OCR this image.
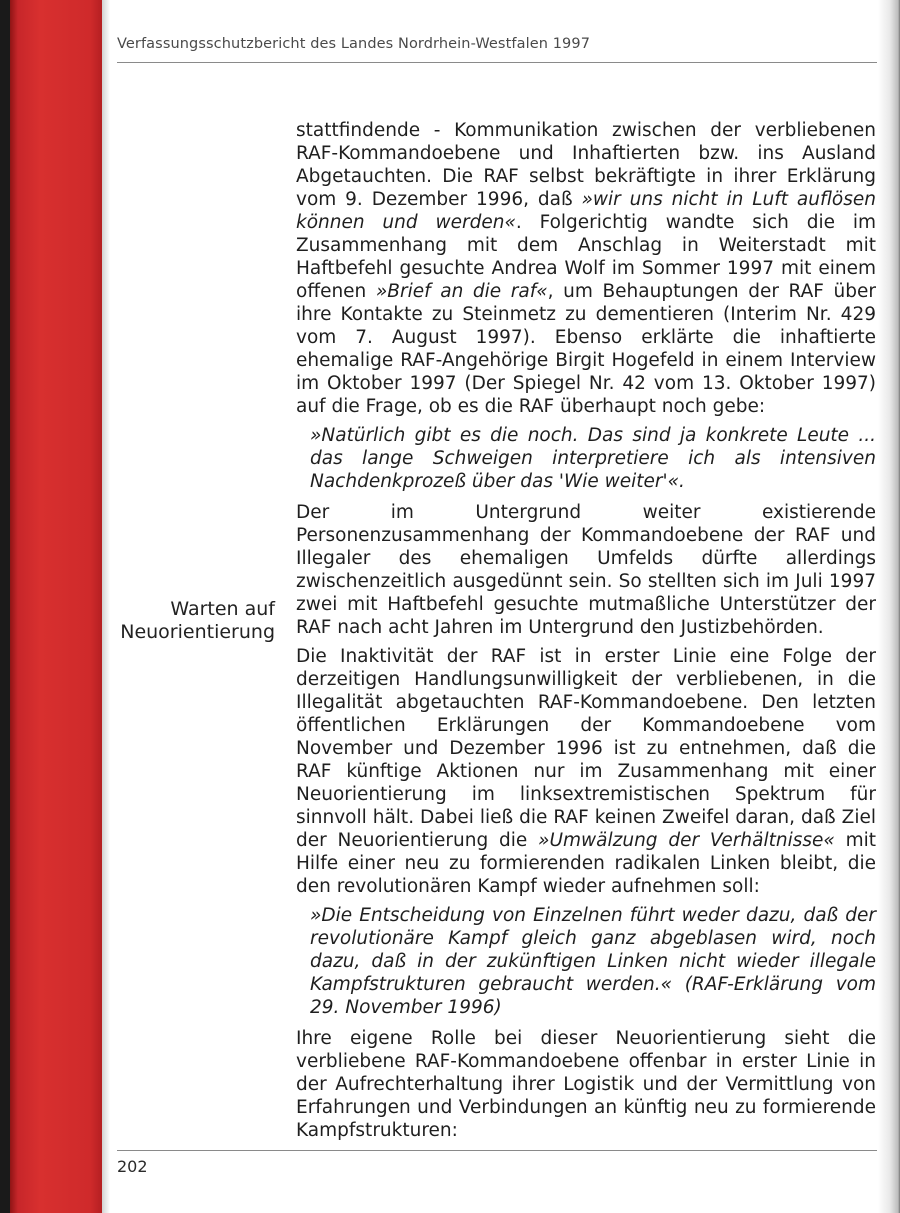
Verfassungsschutzbericht des Landes Nordrhein-Westfalen 1997
Warten auf
Neuorientierung

stattfindende - Kommunikation zwischen der verbliebenen RAF-Kommandoebene und Inhaftierten bzw. ins Ausland Abgetauchten. Die RAF selbst bekräftigte in ihrer Erklärung vom 9. Dezember 1996, daß »wir uns nicht in Luft auflösen können und werden«. Folgerichtig wandte sich die im Zusammenhang mit dem Anschlag in Weiterstadt mit Haftbefehl gesuchte Andrea Wolf im Sommer 1997 mit einem offenen »Brief an die raf«, um Behauptungen der RAF über ihre Kontakte zu Steinmetz zu dementieren (Interim Nr. 429 vom 7. August 1997). Ebenso erklärte die inhaftierte ehemalige RAF-Angehörige Birgit Hogefeld in einem Interview im Oktober 1997 (Der Spiegel Nr. 42 vom 13. Oktober 1997) auf die Frage, ob es die RAF überhaupt noch gebe:

»Natürlich gibt es die noch. Das sind ja konkrete Leute ... das lange Schweigen interpretiere ich als intensiven Nachdenkprozeß über das 'Wie weiter'«.

Der im Untergrund weiter existierende Personenzusammenhang der Kommandoebene der RAF und Illegaler des ehemaligen Umfelds dürfte allerdings zwischenzeitlich ausgedünnt sein. So stellten sich im Juli 1997 zwei mit Haftbefehl gesuchte mutmaßliche Unterstützer der RAF nach acht Jahren im Untergrund den Justizbehörden.

Die Inaktivität der RAF ist in erster Linie eine Folge der derzeitigen Handlungsunwilligkeit der verbliebenen, in die Illegalität abgetauchten RAF-Kommandoebene. Den letzten öffentlichen Erklärungen der Kommandoebene vom November und Dezember 1996 ist zu entnehmen, daß die RAF künftige Aktionen nur im Zusammenhang mit einer Neuorientierung im linksextremistischen Spektrum für sinnvoll hält. Dabei ließ die RAF keinen Zweifel daran, daß Ziel der Neuorientierung die »Umwälzung der Verhältnisse« mit Hilfe einer neu zu formierenden radikalen Linken bleibt, die den revolutionären Kampf wieder aufnehmen soll:

»Die Entscheidung von Einzelnen führt weder dazu, daß der revolutionäre Kampf gleich ganz abgeblasen wird, noch dazu, daß in der zukünftigen Linken nicht wieder illegale Kampfstrukturen gebraucht werden.« (RAF-Erklärung vom 29. November 1996)

Ihre eigene Rolle bei dieser Neuorientierung sieht die verbliebene RAF-Kommandoebene offenbar in erster Linie in der Aufrechterhaltung ihrer Logistik und der Vermittlung von Erfahrungen und Verbindungen an künftig neu zu formierende Kampfstrukturen:

202
